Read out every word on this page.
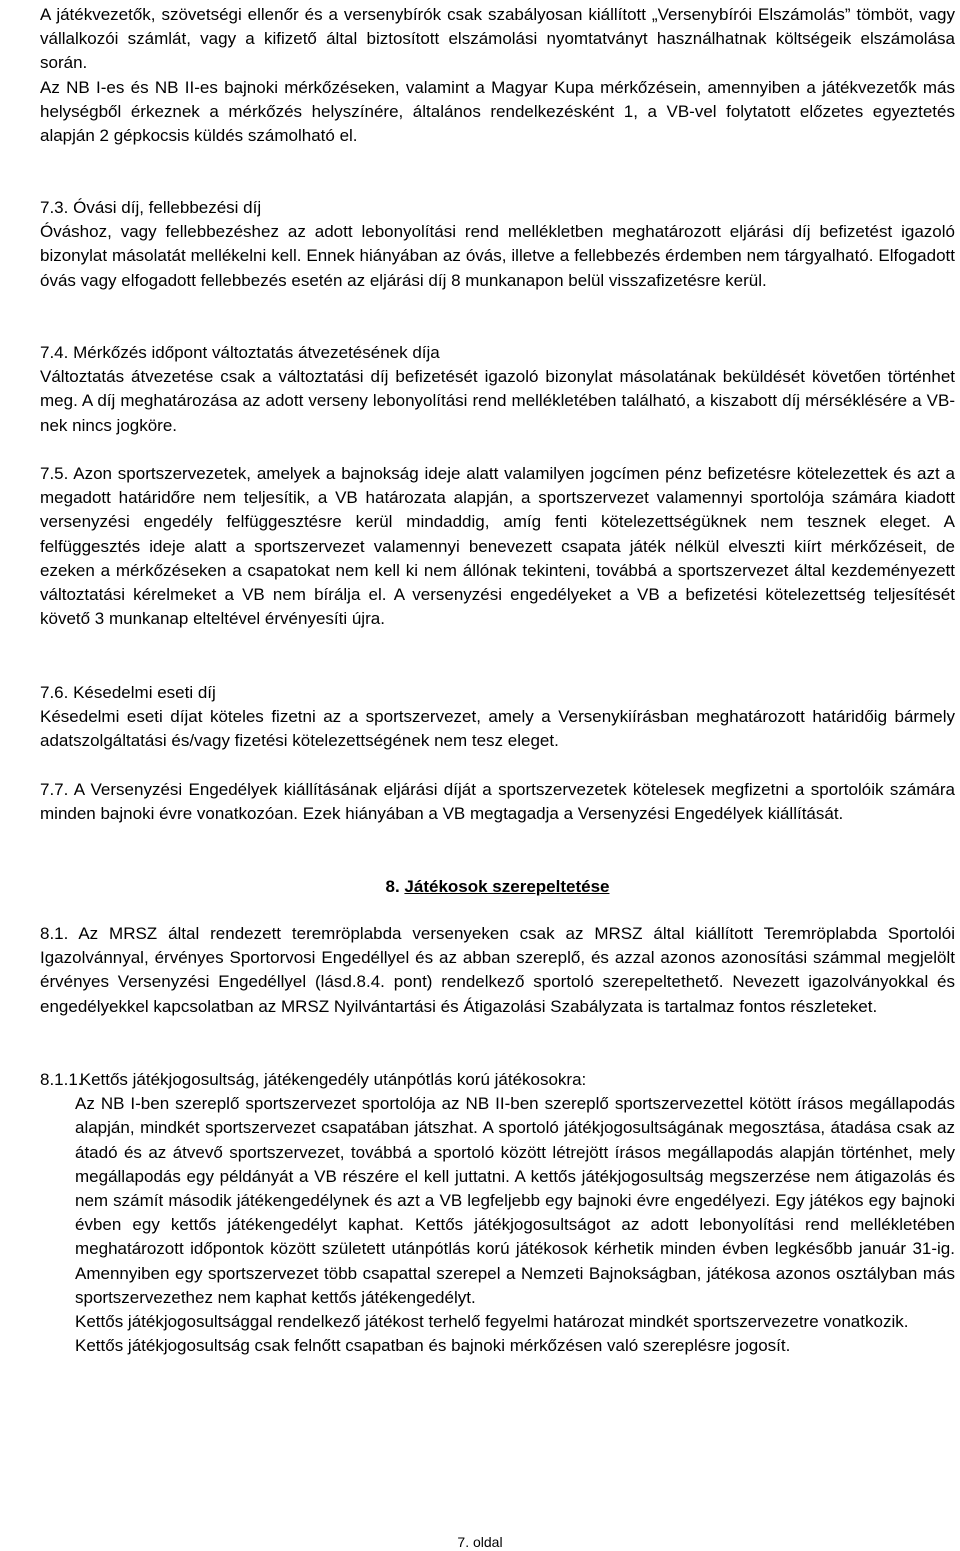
A játékvezetők, szövetségi ellenőr és a versenybírók csak szabályosan kiállított „Versenybírói Elszámolás” tömböt, vagy vállalkozói számlát, vagy a kifizető által biztosított elszámolási nyomtatványt használhatnak költségeik elszámolása során.

Az NB I-es és NB II-es bajnoki mérkőzéseken, valamint a Magyar Kupa mérkőzésein, amennyiben a játékvezetők más helységből érkeznek a mérkőzés helyszínére, általános rendelkezésként 1, a VB-vel folytatott előzetes egyeztetés alapján 2 gépkocsis küldés számolható el.

7.3. Óvási díj, fellebbezési díj

Óváshoz, vagy fellebbezéshez az adott lebonyolítási rend mellékletben meghatározott eljárási díj befizetést igazoló bizonylat másolatát mellékelni kell. Ennek hiányában az óvás, illetve a fellebbezés érdemben nem tárgyalható. Elfogadott óvás vagy elfogadott fellebbezés esetén az eljárási díj 8 munkanapon belül visszafizetésre kerül.

7.4. Mérkőzés időpont változtatás átvezetésének díja

Változtatás átvezetése csak a változtatási díj befizetését igazoló bizonylat másolatának beküldését követően történhet meg. A díj meghatározása az adott verseny lebonyolítási rend mellékletében található, a kiszabott díj mérséklésére a VB-nek nincs jogköre.

7.5. Azon sportszervezetek, amelyek a bajnokság ideje alatt valamilyen jogcímen pénz befizetésre kötelezettek és azt a megadott határidőre nem teljesítik, a VB határozata alapján, a sportszervezet valamennyi sportolója számára kiadott versenyzési engedély felfüggesztésre kerül mindaddig, amíg fenti kötelezettségüknek nem tesznek eleget. A felfüggesztés ideje alatt a sportszervezet valamennyi benevezett csapata játék nélkül elveszti kiírt mérkőzéseit, de ezeken a mérkőzéseken a csapatokat nem kell ki nem állónak tekinteni, továbbá a sportszervezet által kezdeményezett változtatási kérelmeket a VB nem bírálja el. A versenyzési engedélyeket a VB a befizetési kötelezettség teljesítését követő 3 munkanap elteltével érvényesíti újra.

7.6. Késedelmi eseti díj

Késedelmi eseti díjat köteles fizetni az a sportszervezet, amely a Versenykiírásban meghatározott határidőig bármely adatszolgáltatási és/vagy fizetési kötelezettségének nem tesz eleget.

7.7. A Versenyzési Engedélyek kiállításának eljárási díját a sportszervezetek kötelesek megfizetni a sportolóik számára minden bajnoki évre vonatkozóan. Ezek hiányában a VB megtagadja a Versenyzési Engedélyek kiállítását.

8. Játékosok szerepeltetése

8.1. Az MRSZ által rendezett teremröplabda versenyeken csak az MRSZ által kiállított Teremröplabda Sportolói Igazolvánnyal, érvényes Sportorvosi Engedéllyel és az abban szereplő, és azzal azonos azonosítási számmal megjelölt érvényes Versenyzési Engedéllyel (lásd.8.4. pont) rendelkező sportoló szerepeltethető. Nevezett igazolványokkal és engedélyekkel kapcsolatban az MRSZ Nyilvántartási és Átigazolási Szabályzata is tartalmaz fontos részleteket.

8.1.1. Kettős játékjogosultság, játékengedély utánpótlás korú játékosokra:

Az NB I-ben szereplő sportszervezet sportolója az NB II-ben szereplő sportszervezettel kötött írásos megállapodás alapján, mindkét sportszervezet csapatában játszhat. A sportoló játékjogosultságának megosztása, átadása csak az átadó és az átvevő sportszervezet, továbbá a sportoló között létrejött írásos megállapodás alapján történhet, mely megállapodás egy példányát a VB részére el kell juttatni. A kettős játékjogosultság megszerzése nem átigazolás és nem számít második játékengedélynek és azt a VB legfeljebb egy bajnoki évre engedélyezi. Egy játékos egy bajnoki évben egy kettős játékengedélyt kaphat. Kettős játékjogosultságot az adott lebonyolítási rend mellékletében meghatározott időpontok között született utánpótlás korú játékosok kérhetik minden évben legkésőbb január 31-ig. Amennyiben egy sportszervezet több csapattal szerepel a Nemzeti Bajnokságban, játékosa azonos osztályban más sportszervezethez nem kaphat kettős játékengedélyt.

Kettős játékjogosultsággal rendelkező játékost terhelő fegyelmi határozat mindkét sportszervezetre vonatkozik.

Kettős játékjogosultság csak felnőtt csapatban és bajnoki mérkőzésen való szereplésre jogosít.

7. oldal
